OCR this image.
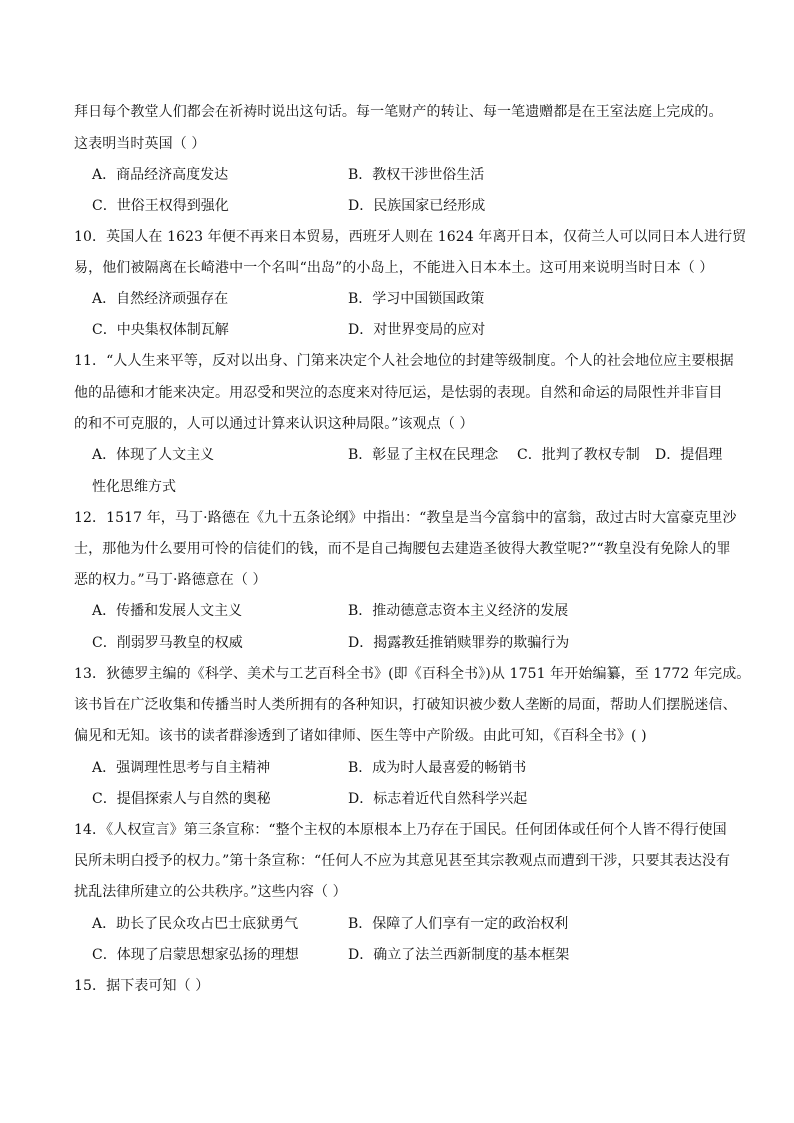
拜日每个教堂人们都会在祈祷时说出这句话。每一笔财产的转让、每一笔遗赠都是在王室法庭上完成的。
这表明当时英国（ ）
A．商品经济高度发达	B．教权干涉世俗生活
C．世俗王权得到强化	D．民族国家已经形成
10．英国人在 1623 年便不再来日本贸易，西班牙人则在 1624 年离开日本，仅荷兰人可以同日本人进行贸
易，他们被隔离在长崎港中一个名叫“出岛”的小岛上，不能进入日本本土。这可用来说明当时日本（ ）
A．自然经济顽强存在	B．学习中国锁国政策
C．中央集权体制瓦解	D．对世界变局的应对
11．“人人生来平等，反对以出身、门第来决定个人社会地位的封建等级制度。个人的社会地位应主要根据
他的品德和才能来决定。用忍受和哭泣的态度来对待厄运，是怯弱的表现。自然和命运的局限性并非盲目
的和不可克服的，人可以通过计算来认识这种局限。”该观点（ ）
A．体现了人文主义	B．彰显了主权在民理念 C．批判了教权专制 D．提倡理
性化思维方式
12．1517 年，马丁·路德在《九十五条论纲》中指出：“教皇是当今富翁中的富翁，敌过古时大富豪克里沙
士，那他为什么要用可怜的信徒们的钱，而不是自己掏腰包去建造圣彼得大教堂呢?”“教皇没有免除人的罪
恶的权力。”马丁·路德意在（ ）
A．传播和发展人文主义	B．推动德意志资本主义经济的发展
C．削弱罗马教皇的权威	D．揭露教廷推销赎罪券的欺骗行为
13．狄德罗主编的《科学、美术与工艺百科全书》(即《百科全书》)从 1751 年开始编纂，至 1772 年完成。
该书旨在广泛收集和传播当时人类所拥有的各种知识，打破知识被少数人垄断的局面，帮助人们摆脱迷信、
偏见和无知。该书的读者群渗透到了诸如律师、医生等中产阶级。由此可知，《百科全书》( )
A．强调理性思考与自主精神	B．成为时人最喜爱的畅销书
C．提倡探索人与自然的奥秘	D．标志着近代自然科学兴起
14．《人权宣言》第三条宣称：“整个主权的本原根本上乃存在于国民。任何团体或任何个人皆不得行使国
民所未明白授予的权力。”第十条宣称：“任何人不应为其意见甚至其宗教观点而遭到干涉，只要其表达没有
扰乱法律所建立的公共秩序。”这些内容（ ）
A．助长了民众攻占巴士底狱勇气	B．保障了人们享有一定的政治权利
C．体现了启蒙思想家弘扬的理想	D．确立了法兰西新制度的基本框架
15．据下表可知（ ）
